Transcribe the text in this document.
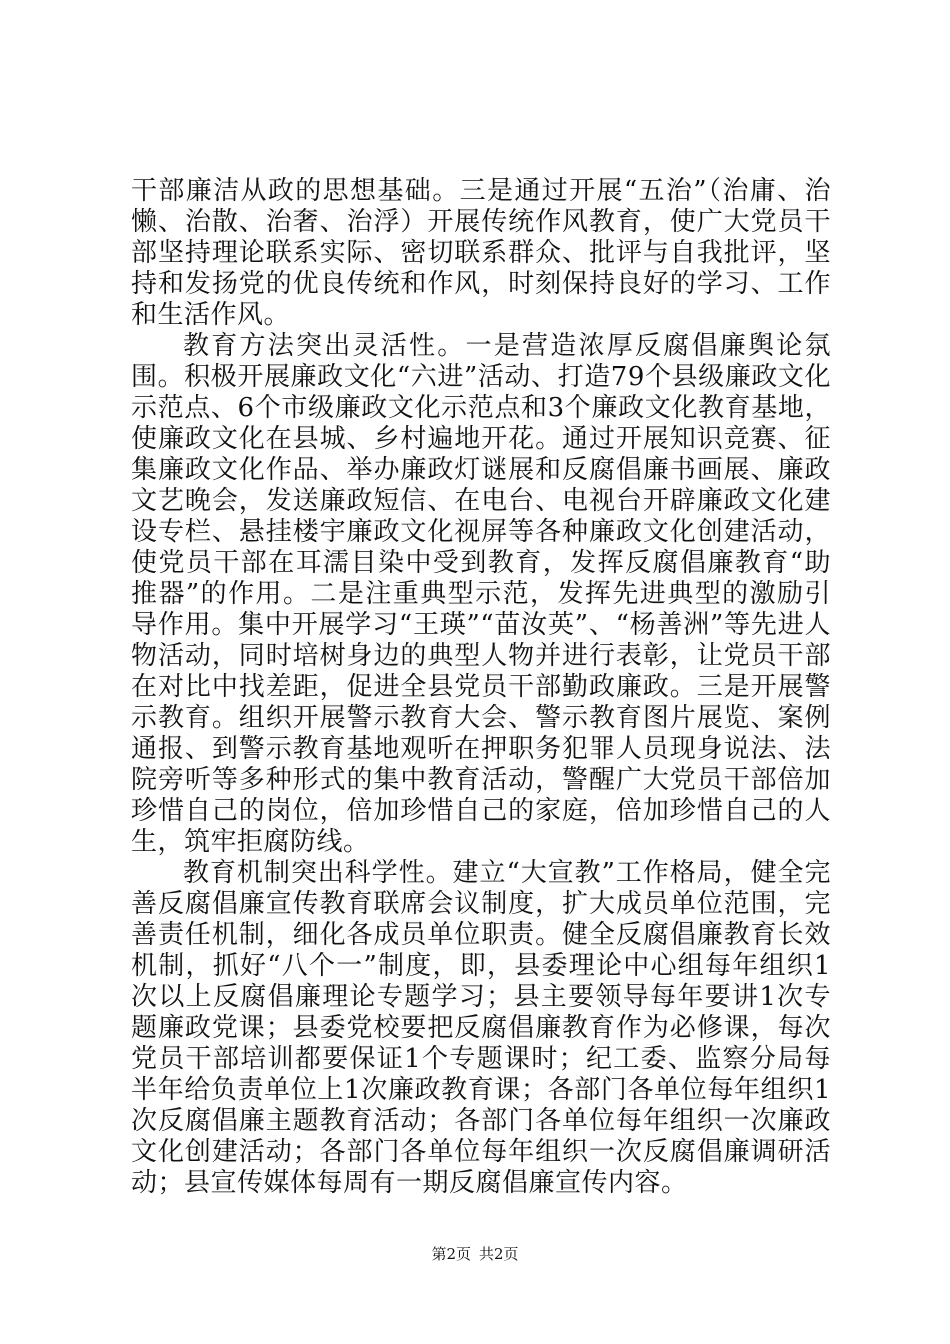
干部廉洁从政的思想基础。三是通过开展“五治”（治庸、治懒、治散、治奢、治浮）开展传统作风教育，使广大党员干部坚持理论联系实际、密切联系群众、批评与自我批评，坚持和发扬党的优良传统和作风，时刻保持良好的学习、工作和生活作风。

教育方法突出灵活性。一是营造浓厚反腐倡廉舆论氛围。积极开展廉政文化“六进”活动、打造79个县级廉政文化示范点、6个市级廉政文化示范点和3个廉政文化教育基地，使廉政文化在县城、乡村遍地开花。通过开展知识竞赛、征集廉政文化作品、举办廉政灯谜展和反腐倡廉书画展、廉政文艺晚会，发送廉政短信、在电台、电视台开辟廉政文化建设专栏、悬挂楼宇廉政文化视屏等各种廉政文化创建活动，使党员干部在耳濡目染中受到教育，发挥反腐倡廉教育“助推器”的作用。二是注重典型示范，发挥先进典型的激励引导作用。集中开展学习“王瑛”“苗汝英”、“杨善洲”等先进人物活动，同时培树身边的典型人物并进行表彰，让党员干部在对比中找差距，促进全县党员干部勤政廉政。三是开展警示教育。组织开展警示教育大会、警示教育图片展览、案例通报、到警示教育基地观听在押职务犯罪人员现身说法、法院旁听等多种形式的集中教育活动，警醒广大党员干部倍加珍惜自己的岗位，倍加珍惜自己的家庭，倍加珍惜自己的人生，筑牢拒腐防线。

教育机制突出科学性。建立“大宣教”工作格局，健全完善反腐倡廉宣传教育联席会议制度，扩大成员单位范围，完善责任机制，细化各成员单位职责。健全反腐倡廉教育长效机制，抓好“八个一”制度，即，县委理论中心组每年组织1次以上反腐倡廉理论专题学习；县主要领导每年要讲1次专题廉政党课；县委党校要把反腐倡廉教育作为必修课，每次党员干部培训都要保证1个专题课时；纪工委、监察分局每半年给负责单位上1次廉政教育课；各部门各单位每年组织1次反腐倡廉主题教育活动；各部门各单位每年组织一次廉政文化创建活动；各部门各单位每年组织一次反腐倡廉调研活动；县宣传媒体每周有一期反腐倡廉宣传内容。

第2页 共2页
